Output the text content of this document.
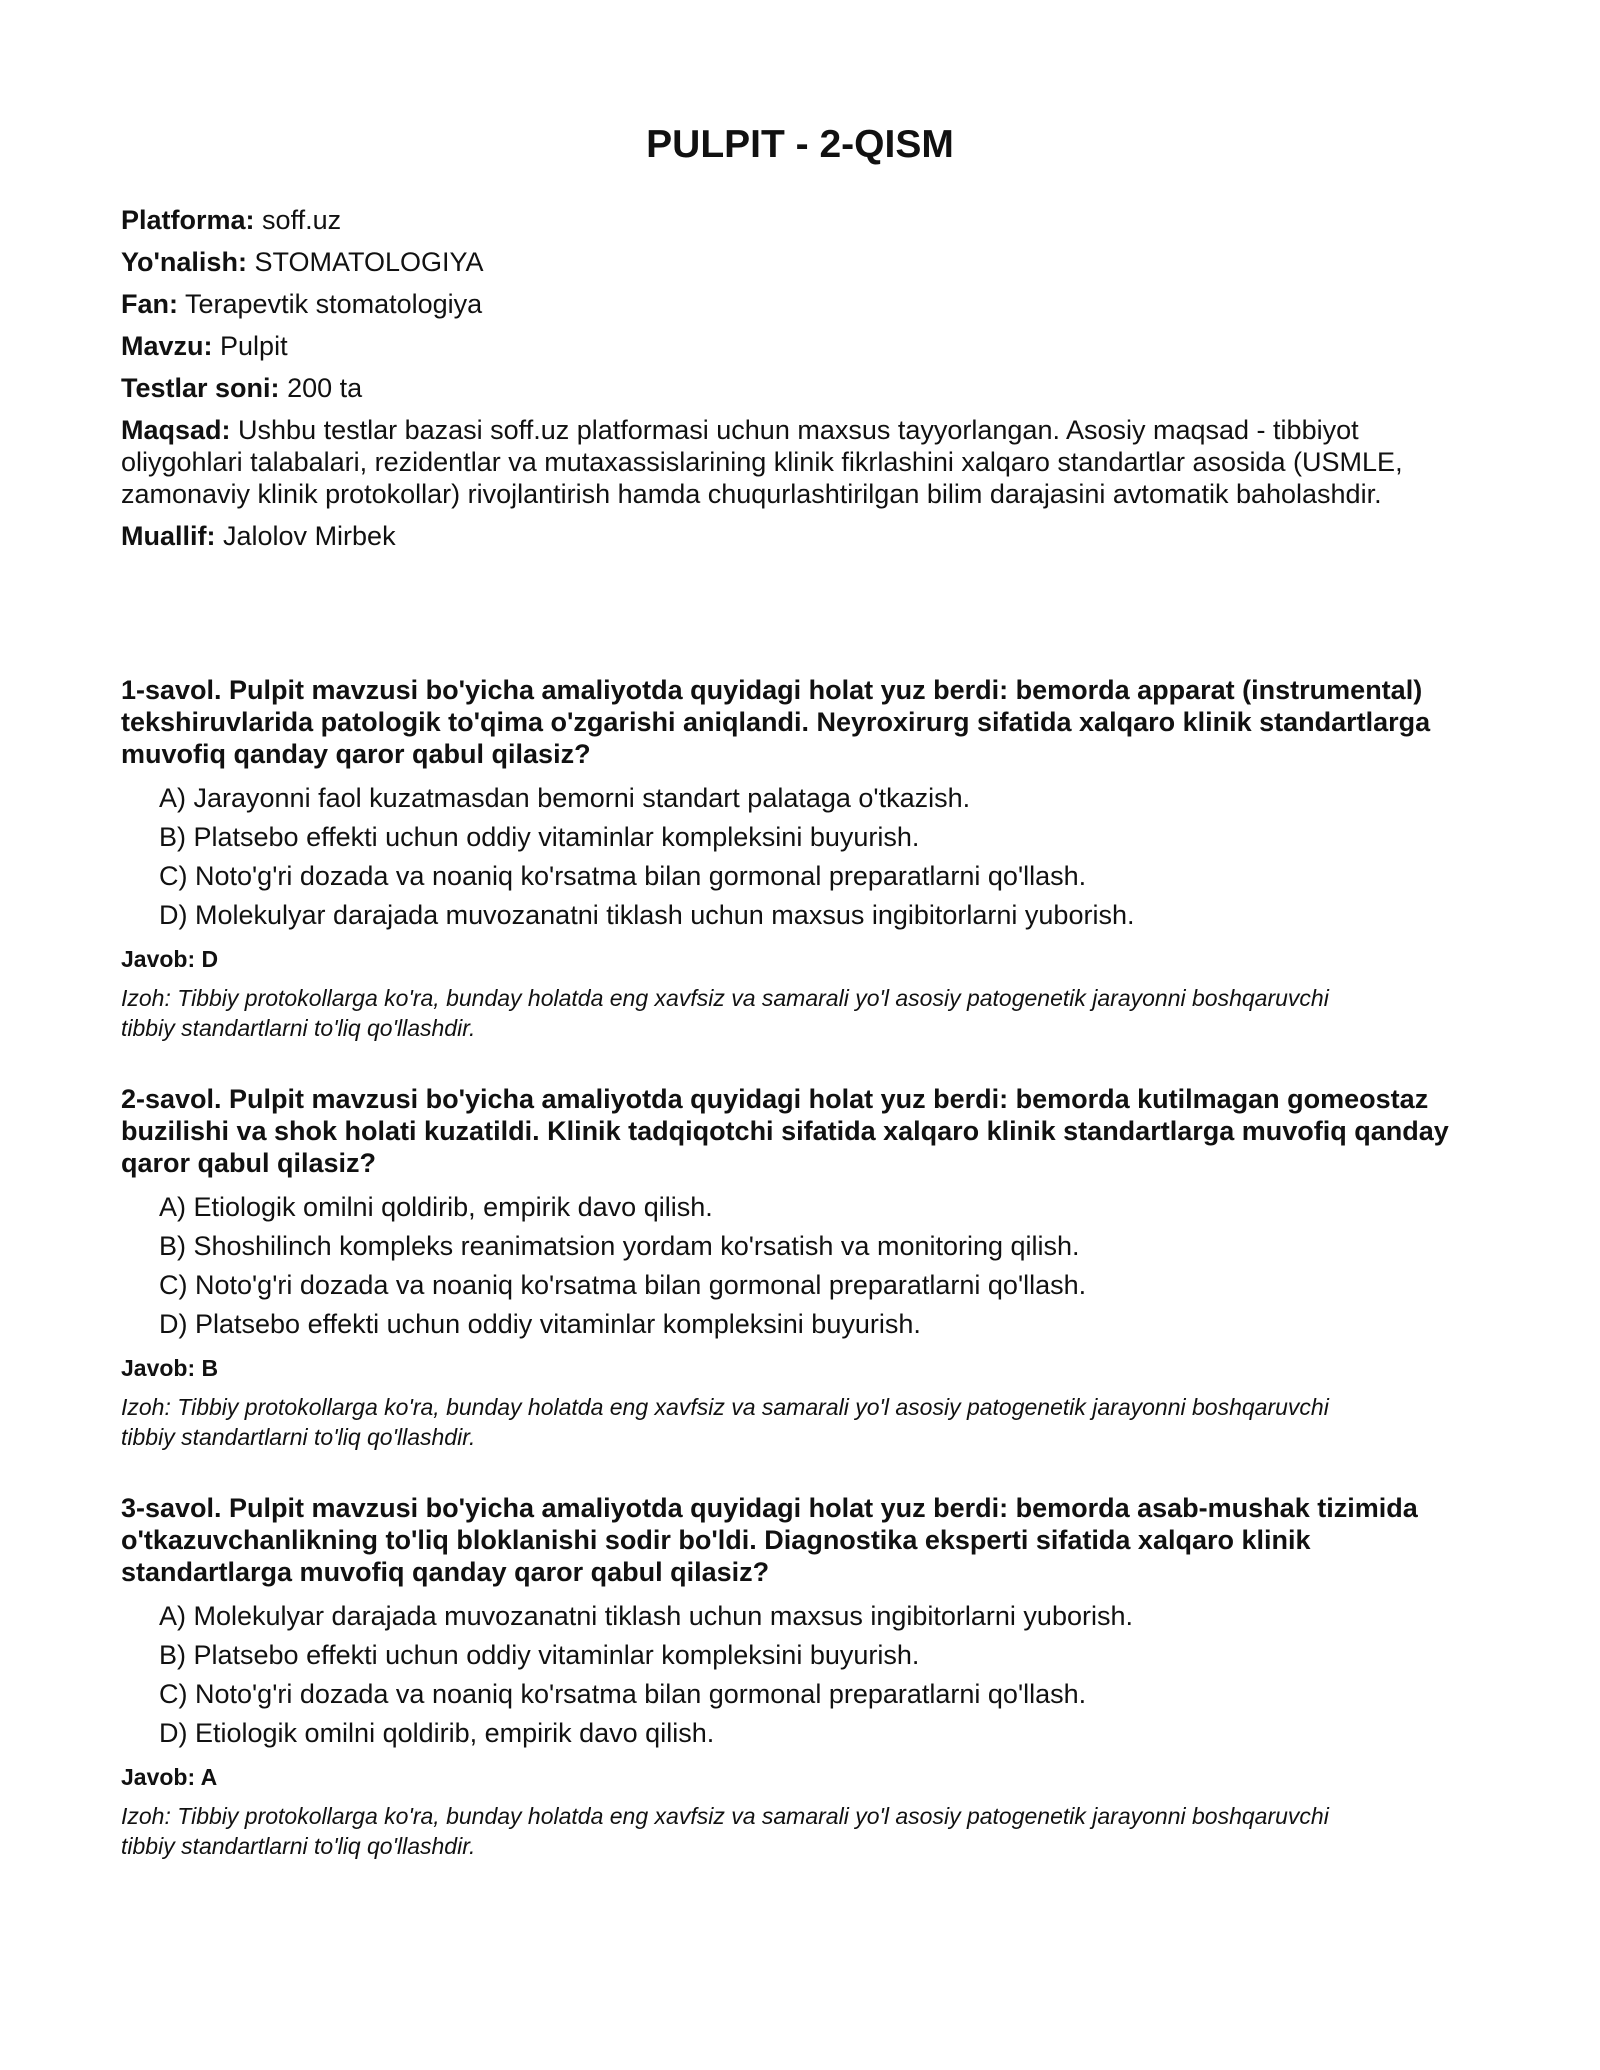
PULPIT - 2-QISM

Platforma: soff.uz

Yo'nalish: STOMATOLOGIYA

Fan: Terapevtik stomatologiya

Mavzu: Pulpit

Testlar soni: 200 ta

Maqsad: Ushbu testlar bazasi soff.uz platformasi uchun maxsus tayyorlangan. Asosiy maqsad - tibbiyot oliygohlari talabalari, rezidentlar va mutaxassislarining klinik fikrlashini xalqaro standartlar asosida (USMLE, zamonaviy klinik protokollar) rivojlantirish hamda chuqurlashtirilgan bilim darajasini avtomatik baholashdir.

Muallif: Jalolov Mirbek

1-savol. Pulpit mavzusi bo'yicha amaliyotda quyidagi holat yuz berdi: bemorda apparat (instrumental) tekshiruvlarida patologik to'qima o'zgarishi aniqlandi. Neyroxirurg sifatida xalqaro klinik standartlarga muvofiq qanday qaror qabul qilasiz?

A) Jarayonni faol kuzatmasdan bemorni standart palataga o'tkazish.
B) Platsebo effekti uchun oddiy vitaminlar kompleksini buyurish.
C) Noto'g'ri dozada va noaniq ko'rsatma bilan gormonal preparatlarni qo'llash.
D) Molekulyar darajada muvozanatni tiklash uchun maxsus ingibitorlarni yuborish.

Javob: D

Izoh: Tibbiy protokollarga ko'ra, bunday holatda eng xavfsiz va samarali yo'l asosiy patogenetik jarayonni boshqaruvchi tibbiy standartlarni to'liq qo'llashdir.

2-savol. Pulpit mavzusi bo'yicha amaliyotda quyidagi holat yuz berdi: bemorda kutilmagan gomeostaz buzilishi va shok holati kuzatildi. Klinik tadqiqotchi sifatida xalqaro klinik standartlarga muvofiq qanday qaror qabul qilasiz?

A) Etiologik omilni qoldirib, empirik davo qilish.
B) Shoshilinch kompleks reanimatsion yordam ko'rsatish va monitoring qilish.
C) Noto'g'ri dozada va noaniq ko'rsatma bilan gormonal preparatlarni qo'llash.
D) Platsebo effekti uchun oddiy vitaminlar kompleksini buyurish.

Javob: B

Izoh: Tibbiy protokollarga ko'ra, bunday holatda eng xavfsiz va samarali yo'l asosiy patogenetik jarayonni boshqaruvchi tibbiy standartlarni to'liq qo'llashdir.

3-savol. Pulpit mavzusi bo'yicha amaliyotda quyidagi holat yuz berdi: bemorda asab-mushak tizimida o'tkazuvchanlikning to'liq bloklanishi sodir bo'ldi. Diagnostika eksperti sifatida xalqaro klinik standartlarga muvofiq qanday qaror qabul qilasiz?

A) Molekulyar darajada muvozanatni tiklash uchun maxsus ingibitorlarni yuborish.
B) Platsebo effekti uchun oddiy vitaminlar kompleksini buyurish.
C) Noto'g'ri dozada va noaniq ko'rsatma bilan gormonal preparatlarni qo'llash.
D) Etiologik omilni qoldirib, empirik davo qilish.

Javob: A

Izoh: Tibbiy protokollarga ko'ra, bunday holatda eng xavfsiz va samarali yo'l asosiy patogenetik jarayonni boshqaruvchi tibbiy standartlarni to'liq qo'llashdir.
